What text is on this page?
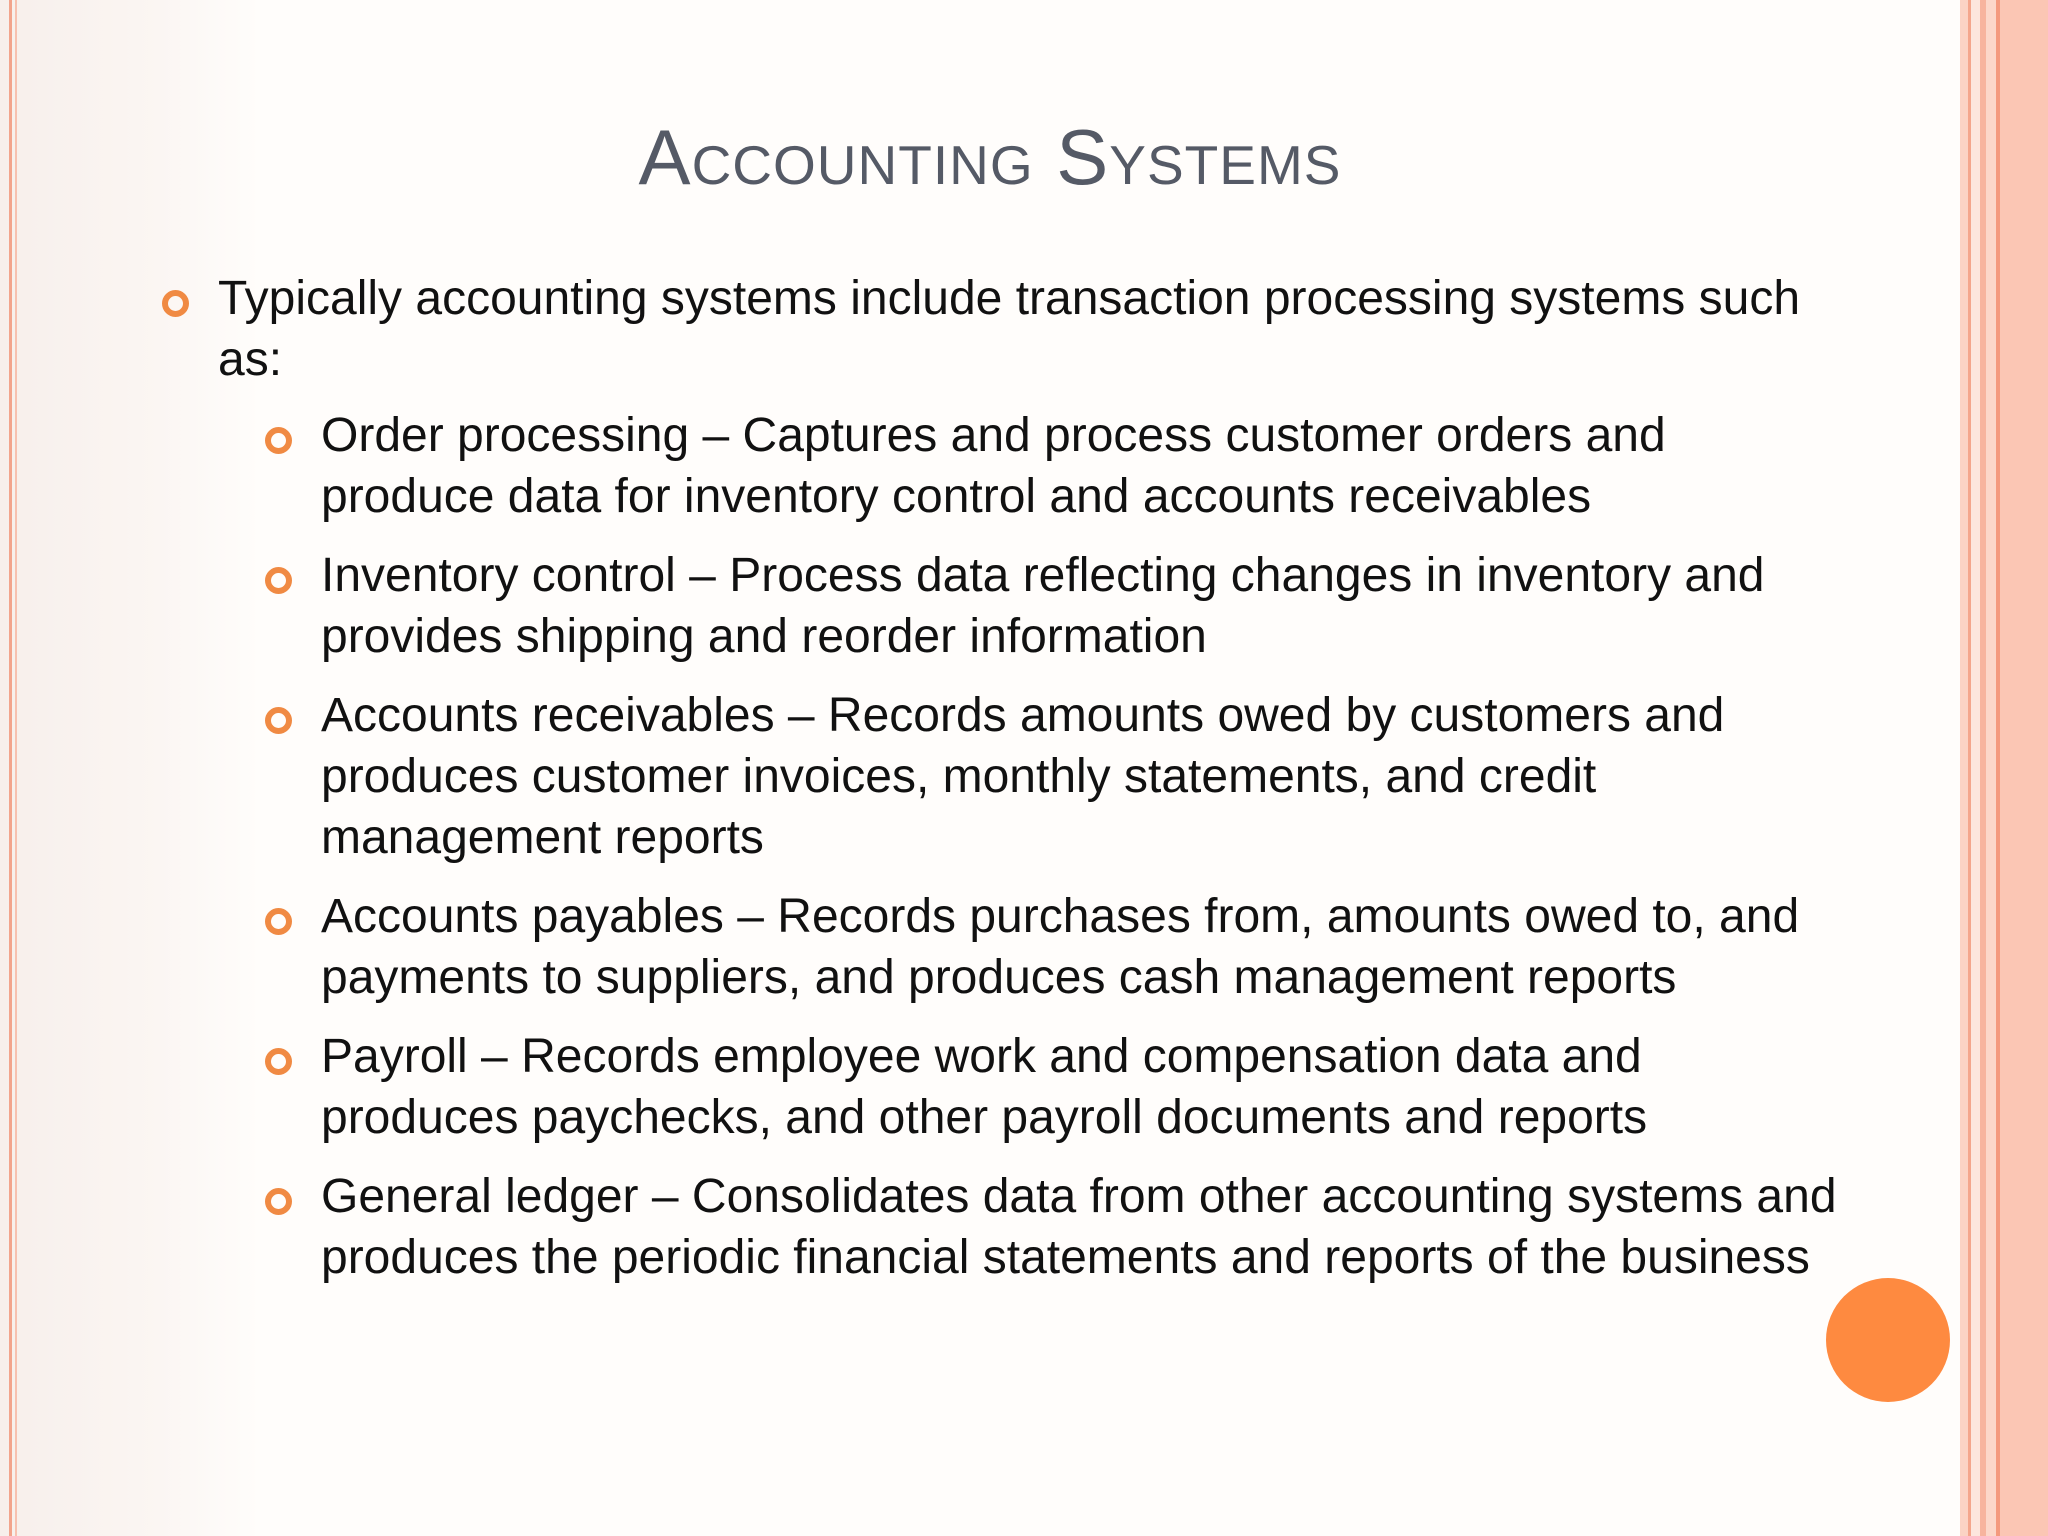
Accounting Systems
Typically accounting systems include transaction processing systems such as:
Order processing – Captures and process customer orders and produce data for inventory control and accounts receivables
Inventory control – Process data reflecting changes in inventory and provides shipping and reorder information
Accounts receivables – Records amounts owed by customers and produces customer invoices, monthly statements, and credit management reports
Accounts payables – Records purchases from, amounts owed to, and payments to suppliers, and produces cash management reports
Payroll – Records employee work and compensation data and produces paychecks, and other payroll documents and reports
General ledger – Consolidates data from other accounting systems and produces the periodic financial statements and reports of the business
